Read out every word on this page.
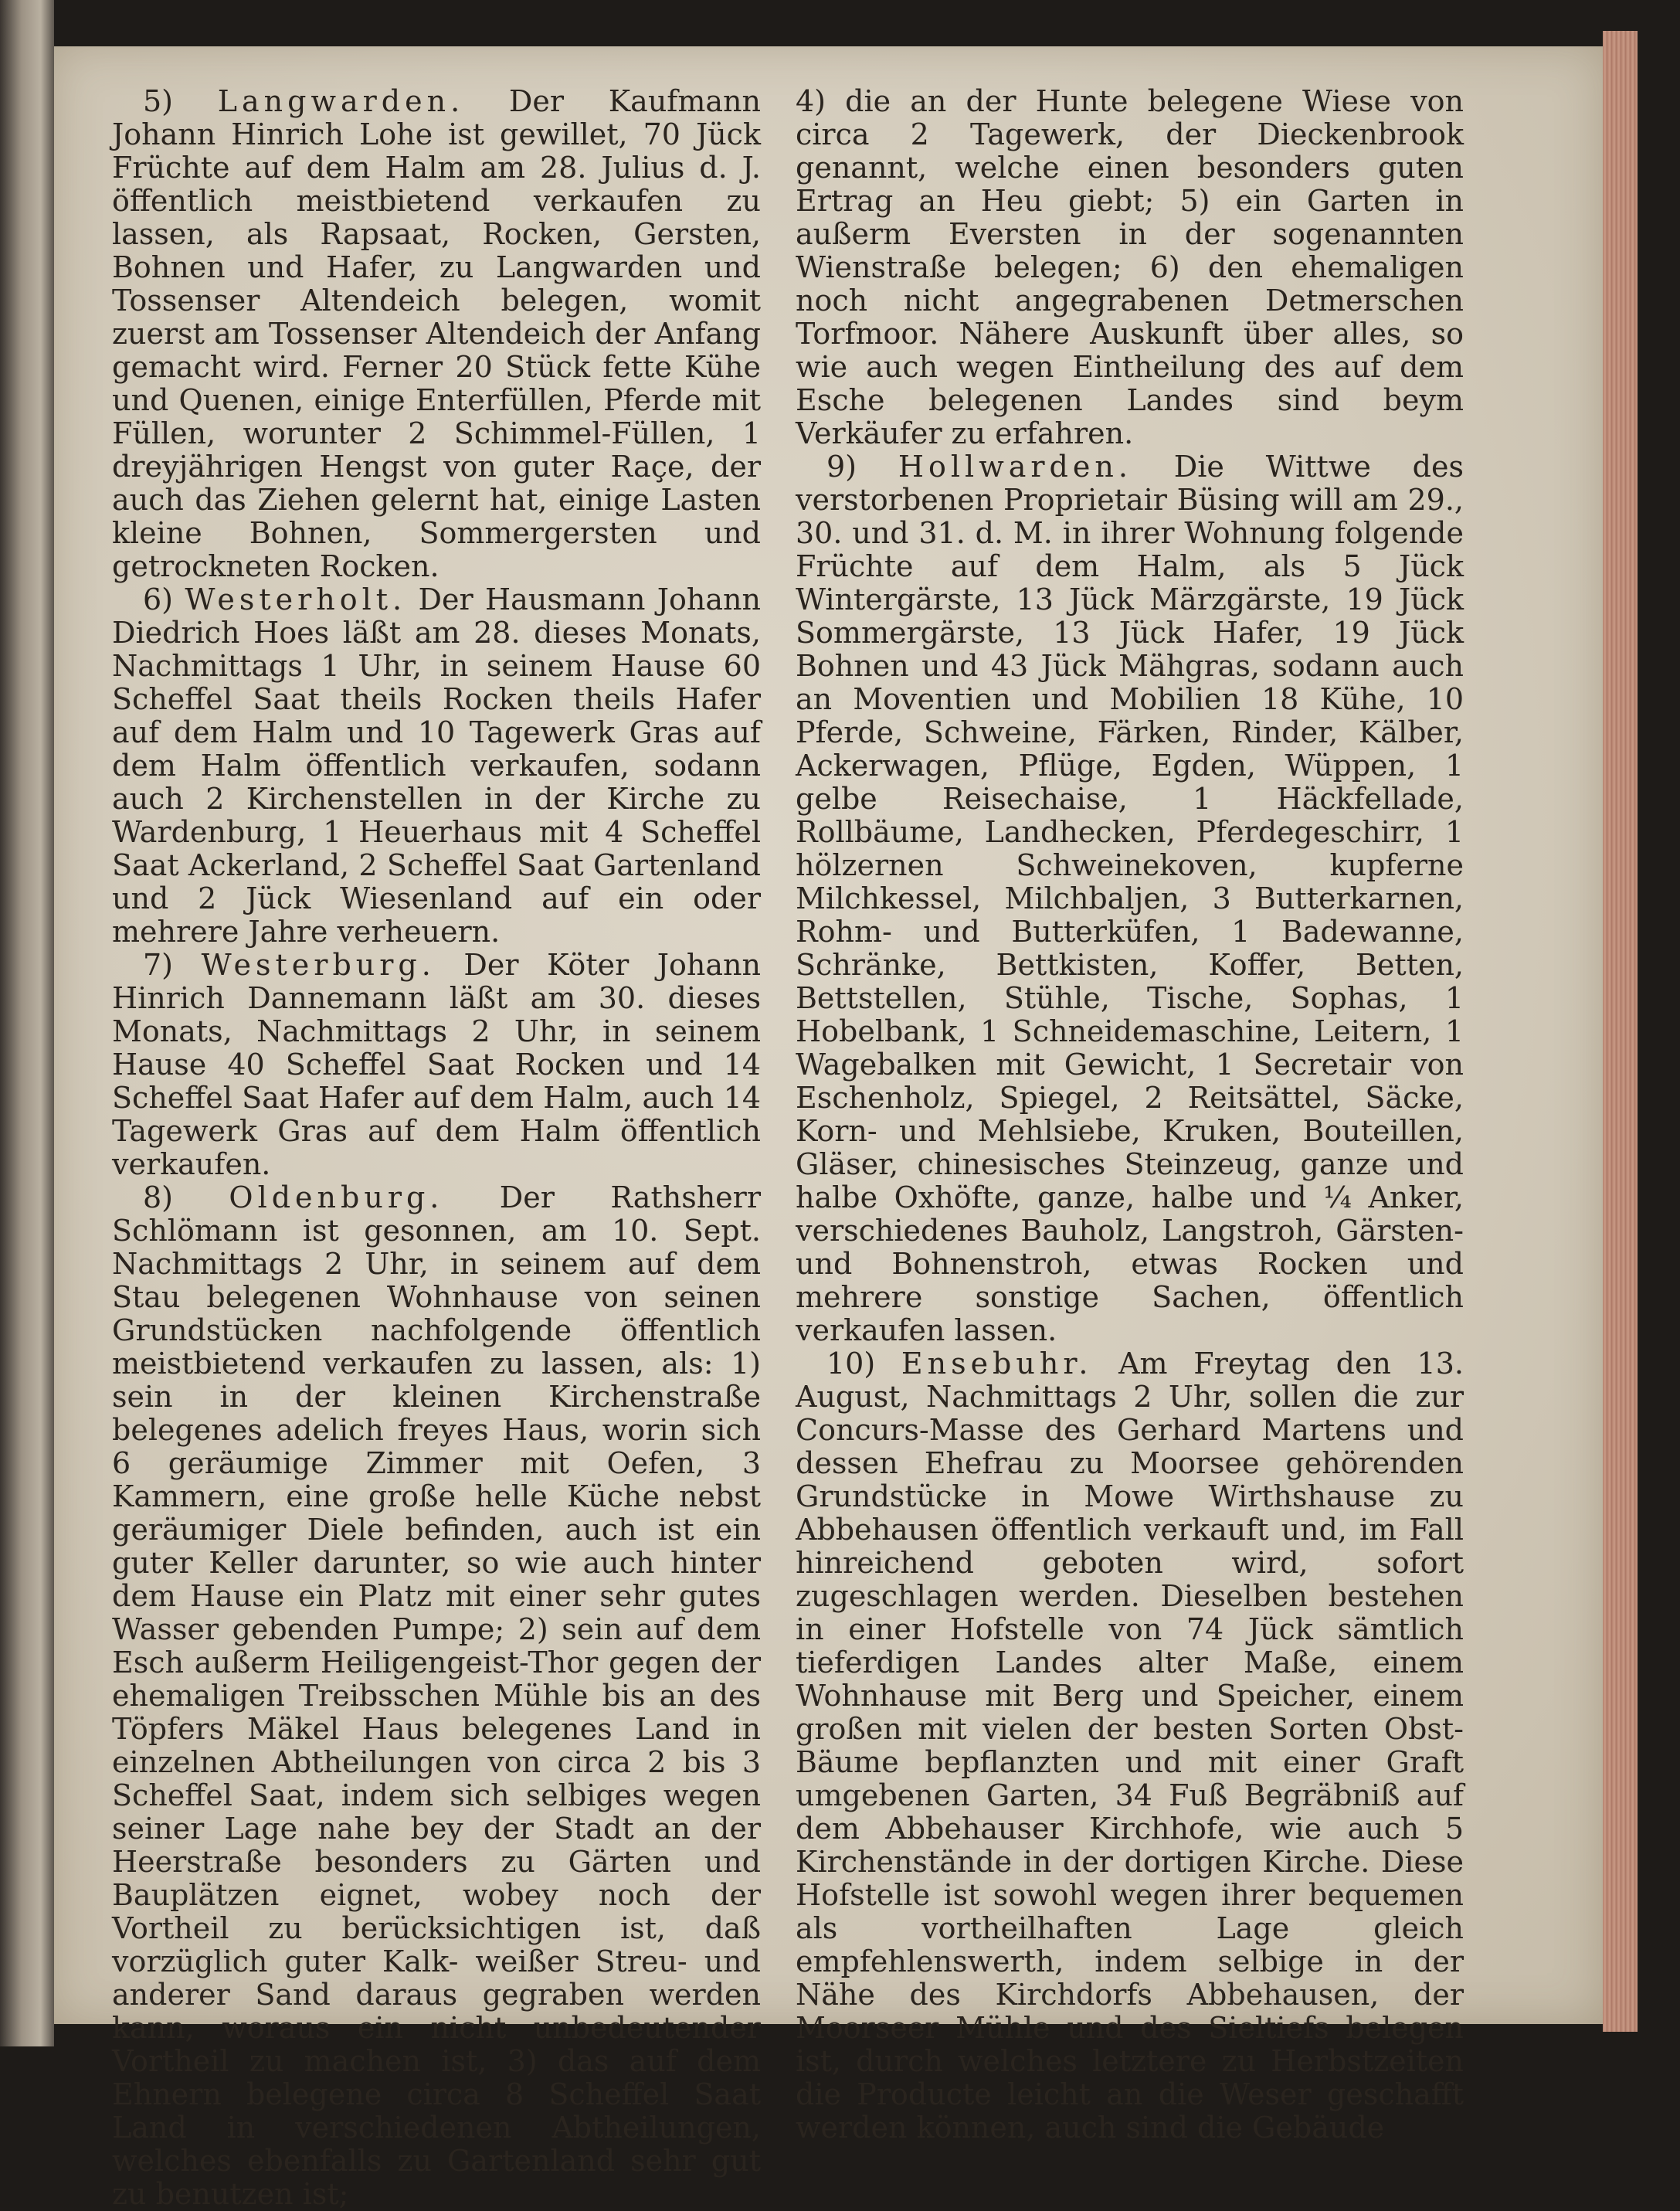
5) Langwarden. Der Kaufmann Johann Hinrich Lohe ist gewillet, 70 Jück Früchte auf dem Halm am 28. Julius d. J. öffentlich meistbietend verkaufen zu lassen, als Rapsaat, Rocken, Gersten, Bohnen und Hafer, zu Langwarden und Tossenser Altendeich belegen, womit zuerst am Tossenser Altendeich der Anfang gemacht wird. Ferner 20 Stück fette Kühe und Quenen, einige Enterfüllen, Pferde mit Füllen, worunter 2 Schimmel-Füllen, 1 dreyjährigen Hengst von guter Raçe, der auch das Ziehen gelernt hat, einige Lasten kleine Bohnen, Sommergersten und getrockneten Rocken.

6) Westerholt. Der Hausmann Johann Diedrich Hoes läßt am 28. dieses Monats, Nachmittags 1 Uhr, in seinem Hause 60 Scheffel Saat theils Rocken theils Hafer auf dem Halm und 10 Tagewerk Gras auf dem Halm öffentlich verkaufen, sodann auch 2 Kirchenstellen in der Kirche zu Wardenburg, 1 Heuerhaus mit 4 Scheffel Saat Ackerland, 2 Scheffel Saat Gartenland und 2 Jück Wiesenland auf ein oder mehrere Jahre verheuern.

7) Westerburg. Der Köter Johann Hinrich Dannemann läßt am 30. dieses Monats, Nachmittags 2 Uhr, in seinem Hause 40 Scheffel Saat Rocken und 14 Scheffel Saat Hafer auf dem Halm, auch 14 Tagewerk Gras auf dem Halm öffentlich verkaufen.

8) Oldenburg. Der Rathsherr Schlömann ist gesonnen, am 10. Sept. Nachmittags 2 Uhr, in seinem auf dem Stau belegenen Wohnhause von seinen Grundstücken nachfolgende öffentlich meistbietend verkaufen zu lassen, als: 1) sein in der kleinen Kirchenstraße belegenes adelich freyes Haus, worin sich 6 geräumige Zimmer mit Oefen, 3 Kammern, eine große helle Küche nebst geräumiger Diele befinden, auch ist ein guter Keller darunter, so wie auch hinter dem Hause ein Platz mit einer sehr gutes Wasser gebenden Pumpe; 2) sein auf dem Esch außerm Heiligengeist-Thor gegen der ehemaligen Treibsschen Mühle bis an des Töpfers Mäkel Haus belegenes Land in einzelnen Abtheilungen von circa 2 bis 3 Scheffel Saat, indem sich selbiges wegen seiner Lage nahe bey der Stadt an der Heerstraße besonders zu Gärten und Bauplätzen eignet, wobey noch der Vortheil zu berücksichtigen ist, daß vorzüglich guter Kalk- weißer Streu- und anderer Sand daraus gegraben werden kann, woraus ein nicht unbedeutender Vortheil zu machen ist, 3) das auf dem Ehnern belegene circa 8 Scheffel Saat Land in verschiedenen Abtheilungen, welches ebenfalls zu Gartenland sehr gut zu benutzen ist;

4) die an der Hunte belegene Wiese von circa 2 Tagewerk, der Dieckenbrook genannt, welche einen besonders guten Ertrag an Heu giebt; 5) ein Garten in außerm Eversten in der sogenannten Wienstraße belegen; 6) den ehemaligen noch nicht angegrabenen Detmerschen Torfmoor. Nähere Auskunft über alles, so wie auch wegen Eintheilung des auf dem Esche belegenen Landes sind beym Verkäufer zu erfahren.

9) Hollwarden. Die Wittwe des verstorbenen Proprietair Büsing will am 29., 30. und 31. d. M. in ihrer Wohnung folgende Früchte auf dem Halm, als 5 Jück Wintergärste, 13 Jück Märzgärste, 19 Jück Sommergärste, 13 Jück Hafer, 19 Jück Bohnen und 43 Jück Mähgras, sodann auch an Moventien und Mobilien 18 Kühe, 10 Pferde, Schweine, Färken, Rinder, Kälber, Ackerwagen, Pflüge, Egden, Wüppen, 1 gelbe Reisechaise, 1 Häckfellade, Rollbäume, Landhecken, Pferdegeschirr, 1 hölzernen Schweinekoven, kupferne Milchkessel, Milchbaljen, 3 Butterkarnen, Rohm- und Butterküfen, 1 Badewanne, Schränke, Bettkisten, Koffer, Betten, Bettstellen, Stühle, Tische, Sophas, 1 Hobelbank, 1 Schneidemaschine, Leitern, 1 Wagebalken mit Gewicht, 1 Secretair von Eschenholz, Spiegel, 2 Reitsättel, Säcke, Korn- und Mehlsiebe, Kruken, Bouteillen, Gläser, chinesisches Steinzeug, ganze und halbe Oxhöfte, ganze, halbe und ¼ Anker, verschiedenes Bauholz, Langstroh, Gärsten- und Bohnenstroh, etwas Rocken und mehrere sonstige Sachen, öffentlich verkaufen lassen.

10) Ensebuhr. Am Freytag den 13. August, Nachmittags 2 Uhr, sollen die zur Concurs-Masse des Gerhard Martens und dessen Ehefrau zu Moorsee gehörenden Grundstücke in Mowe Wirthshause zu Abbehausen öffentlich verkauft und, im Fall hinreichend geboten wird, sofort zugeschlagen werden. Dieselben bestehen in einer Hofstelle von 74 Jück sämtlich tieferdigen Landes alter Maße, einem Wohnhause mit Berg und Speicher, einem großen mit vielen der besten Sorten Obst-Bäume bepflanzten und mit einer Graft umgebenen Garten, 34 Fuß Begräbniß auf dem Abbehauser Kirchhofe, wie auch 5 Kirchenstände in der dortigen Kirche. Diese Hofstelle ist sowohl wegen ihrer bequemen als vortheilhaften Lage gleich empfehlenswerth, indem selbige in der Nähe des Kirchdorfs Abbehausen, der Moorseer Mühle und des Sieltiefs belegen ist, durch welches letztere zu Herbstzeiten die Producte leicht an die Weser geschafft werden können, auch sind die Gebäude
